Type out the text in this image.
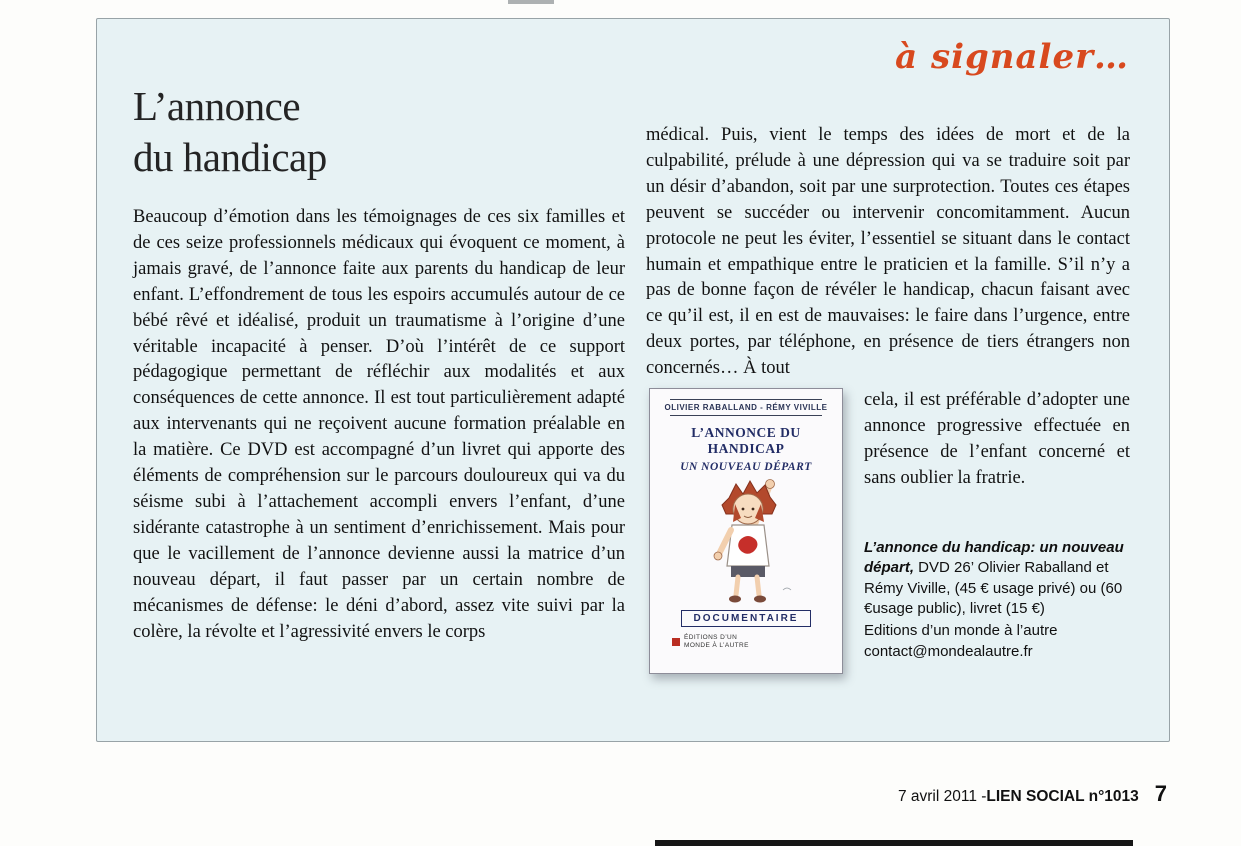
à signaler…
L’annonce
du handicap

Beaucoup d’émotion dans les témoignages de ces six familles et de ces seize professionnels médicaux qui évoquent ce moment, à jamais gravé, de l’annonce faite aux parents du handicap de leur enfant. L’effondrement de tous les espoirs accumulés autour de ce bébé rêvé et idéalisé, produit un traumatisme à l’origine d’une véritable incapacité à penser. D’où l’intérêt de ce support pédagogique permettant de réfléchir aux modalités et aux conséquences de cette annonce. Il est tout particulièrement adapté aux intervenants qui ne reçoivent aucune formation préalable en la matière. Ce DVD est accompagné d’un livret qui apporte des éléments de compréhension sur le parcours douloureux qui va du séisme subi à l’attachement accompli envers l’enfant, d’une sidérante catastrophe à un sentiment d’enrichissement. Mais pour que le vacillement de l’annonce devienne aussi la matrice d’un nouveau départ, il faut passer par un certain nombre de mécanismes de défense: le déni d’abord, assez vite suivi par la colère, la révolte et l’agressivité envers le corps

médical. Puis, vient le temps des idées de mort et de la culpabilité, prélude à une dépression qui va se traduire soit par un désir d’abandon, soit par une surprotection. Toutes ces étapes peuvent se succéder ou intervenir concomitamment. Aucun protocole ne peut les éviter, l’essentiel se situant dans le contact humain et empathique entre le praticien et la famille. S’il n’y a pas de bonne façon de révéler le handicap, chacun faisant avec ce qu’il est, il en est de mauvaises: le faire dans l’urgence, entre deux portes, par téléphone, en présence de tiers étrangers non concernés… À tout

OLIVIER RABALLAND - RÉMY VIVILLE
L’ANNONCE DU HANDICAP
UN NOUVEAU DÉPART
DOCUMENTAIRE
ÉDITIONS D’UN MONDE À L’AUTRE

cela, il est préférable d’adopter une annonce progressive effectuée en présence de l’enfant concerné et sans oublier la fratrie.

L’annonce du handicap: un nouveau départ, DVD 26’ Olivier Raballand et Rémy Viville, (45 € usage privé) ou (60 €usage public), livret (15 €)
Editions d’un monde à l’autre
contact@mondealautre.fr
7 avril 2011 - LIEN SOCIAL n°1013 7
